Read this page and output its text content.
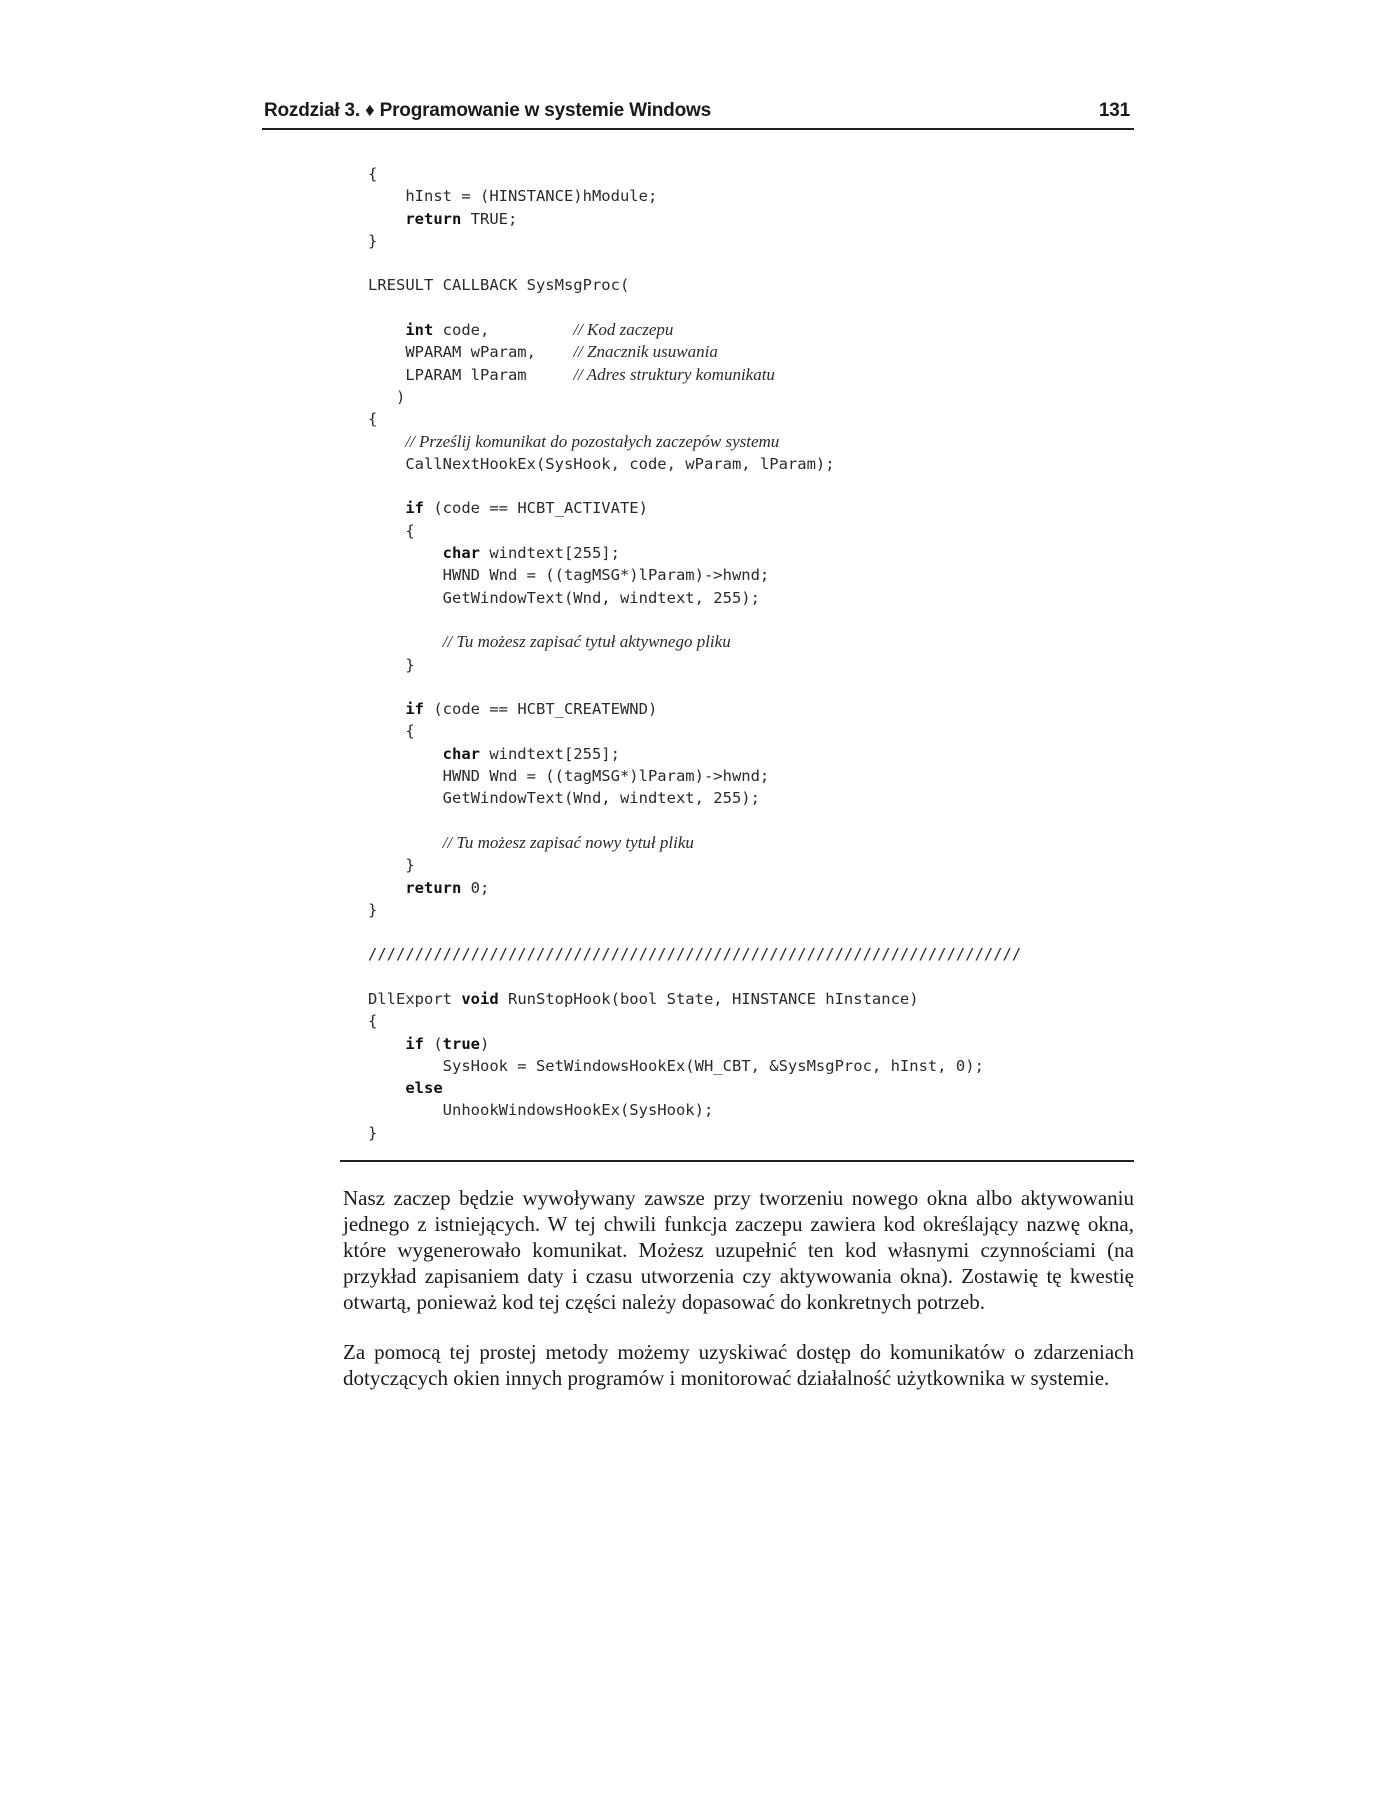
Rozdział 3. ♦ Programowanie w systemie Windows	131
{
hInst = (HINSTANCE)hModule;
return TRUE;
}
LRESULT CALLBACK SysMsgProc(
int code,         // Kod zaczepu
WPARAM wParam,    // Znacznik usuwania
LPARAM lParam     // Adres struktury komunikatu
)
{
// Prześlij komunikat do pozostałych zaczepów systemu
CallNextHookEx(SysHook, code, wParam, lParam);
if (code == HCBT_ACTIVATE)
{
char windtext[255];
HWND Wnd = ((tagMSG*)lParam)->hwnd;
GetWindowText(Wnd, windtext, 255);
// Tu możesz zapisać tytuł aktywnego pliku
}
if (code == HCBT_CREATEWND)
{
char windtext[255];
HWND Wnd = ((tagMSG*)lParam)->hwnd;
GetWindowText(Wnd, windtext, 255);
// Tu możesz zapisać nowy tytuł pliku
}
return 0;
}
//////////////////////////////////////////////////////////////////////
DllExport void RunStopHook(bool State, HINSTANCE hInstance)
{
if (true)
SysHook = SetWindowsHookEx(WH_CBT, &SysMsgProc, hInst, 0);
else
UnhookWindowsHookEx(SysHook);
}

Nasz zaczep będzie wywoływany zawsze przy tworzeniu nowego okna albo aktywowaniu jednego z istniejących. W tej chwili funkcja zaczepu zawiera kod określający nazwę okna, które wygenerowało komunikat. Możesz uzupełnić ten kod własnymi czynnościami (na przykład zapisaniem daty i czasu utworzenia czy aktywowania okna). Zostawię tę kwestię otwartą, ponieważ kod tej części należy dopasować do konkretnych potrzeb.

Za pomocą tej prostej metody możemy uzyskiwać dostęp do komunikatów o zdarzeniach dotyczących okien innych programów i monitorować działalność użytkownika w systemie.
